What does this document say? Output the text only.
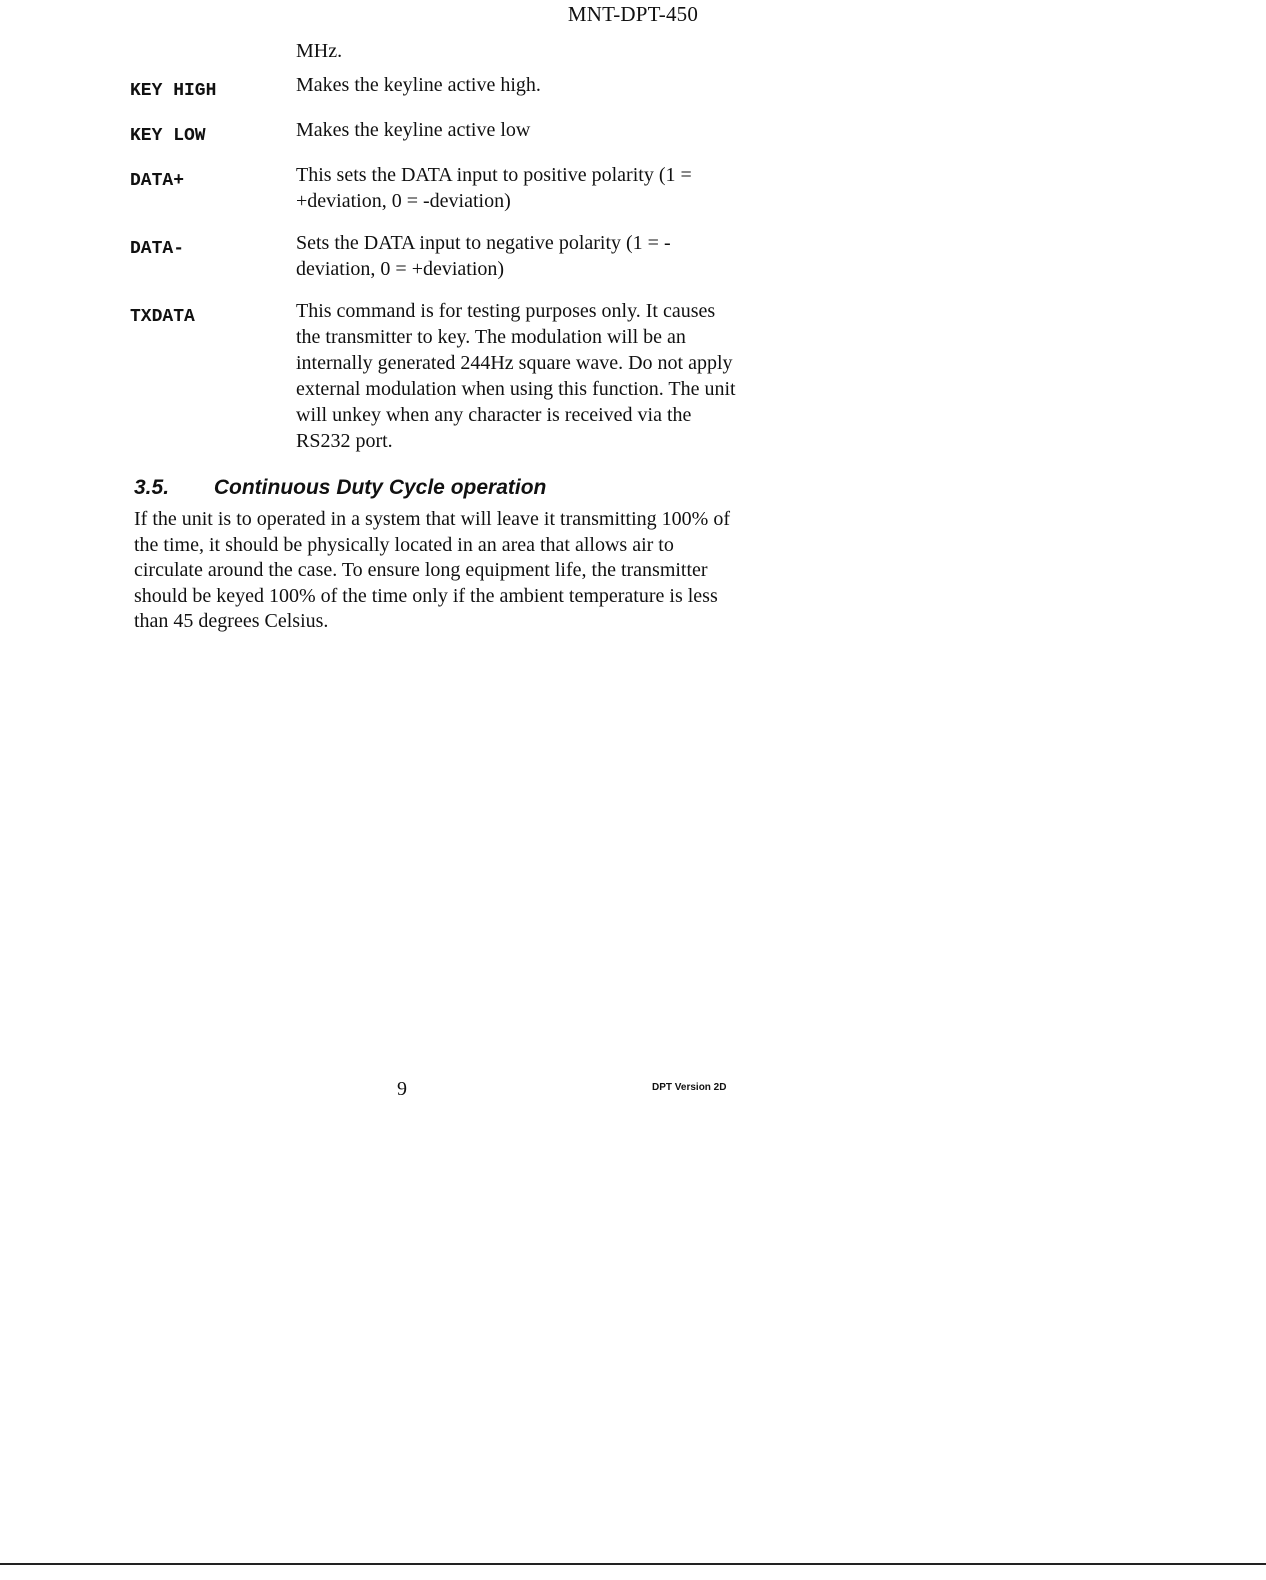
MNT-DPT-450
MHz.
KEY HIGH	Makes the keyline active high.
KEY LOW	Makes the keyline active low
DATA+	This sets the DATA input to positive polarity (1 = +deviation, 0 = -deviation)
DATA-	Sets the DATA input to negative polarity (1 = -deviation, 0 = +deviation)
TXDATA	This command is for testing purposes only. It causes the transmitter to key. The modulation will be an internally generated 244Hz square wave. Do not apply external modulation when using this function. The unit will unkey when any character is received via the RS232 port.
3.5. Continuous Duty Cycle operation
If the unit is to operated in a system that will leave it transmitting 100% of the time, it should be physically located in an area that allows air to circulate around the case. To ensure long equipment life, the transmitter should be keyed 100% of the time only if the ambient temperature is less than 45 degrees Celsius.
9	DPT Version 2D
